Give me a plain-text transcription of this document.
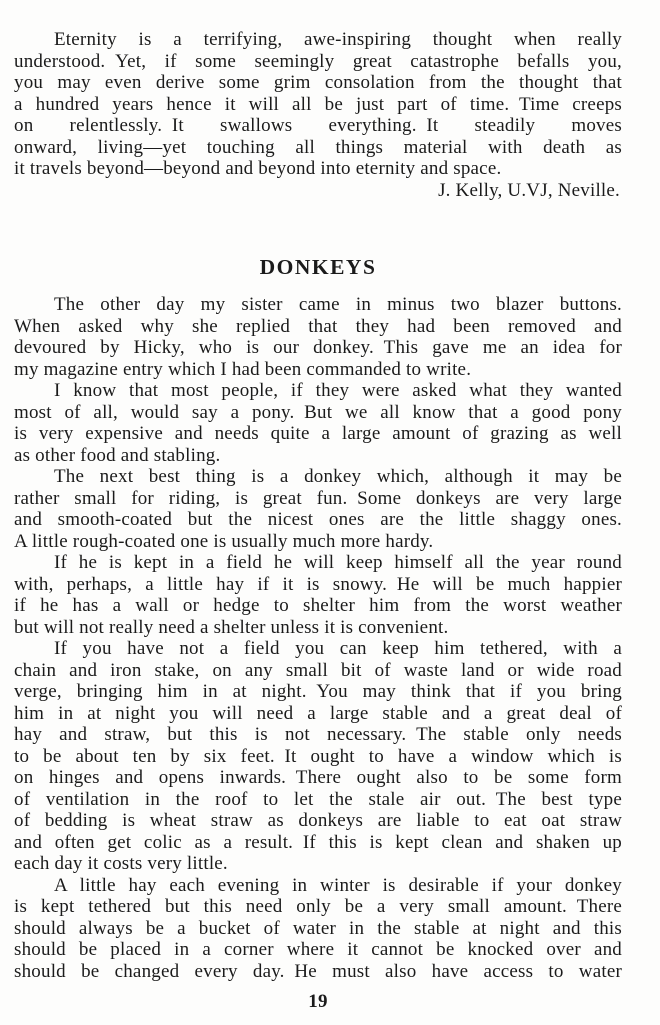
Eternity is a terrifying, awe-inspiring thought when really
understood. Yet, if some seemingly great catastrophe befalls you,
you may even derive some grim consolation from the thought that
a hundred years hence it will all be just part of time. Time creeps
on relentlessly. It swallows everything. It steadily moves
onward, living—yet touching all things material with death as
it travels beyond—beyond and beyond into eternity and space.
J. Kelly, U.VJ, Neville.
DONKEYS
The other day my sister came in minus two blazer buttons.
When asked why she replied that they had been removed and
devoured by Hicky, who is our donkey. This gave me an idea for
my magazine entry which I had been commanded to write.
I know that most people, if they were asked what they wanted
most of all, would say a pony. But we all know that a good pony
is very expensive and needs quite a large amount of grazing as well
as other food and stabling.
The next best thing is a donkey which, although it may be
rather small for riding, is great fun. Some donkeys are very large
and smooth-coated but the nicest ones are the little shaggy ones.
A little rough-coated one is usually much more hardy.
If he is kept in a field he will keep himself all the year round
with, perhaps, a little hay if it is snowy. He will be much happier
if he has a wall or hedge to shelter him from the worst weather
but will not really need a shelter unless it is convenient.
If you have not a field you can keep him tethered, with a
chain and iron stake, on any small bit of waste land or wide road
verge, bringing him in at night. You may think that if you bring
him in at night you will need a large stable and a great deal of
hay and straw, but this is not necessary. The stable only needs
to be about ten by six feet. It ought to have a window which is
on hinges and opens inwards. There ought also to be some form
of ventilation in the roof to let the stale air out. The best type
of bedding is wheat straw as donkeys are liable to eat oat straw
and often get colic as a result. If this is kept clean and shaken up
each day it costs very little.
A little hay each evening in winter is desirable if your donkey
is kept tethered but this need only be a very small amount. There
should always be a bucket of water in the stable at night and this
should be placed in a corner where it cannot be knocked over and
should be changed every day. He must also have access to water
19
